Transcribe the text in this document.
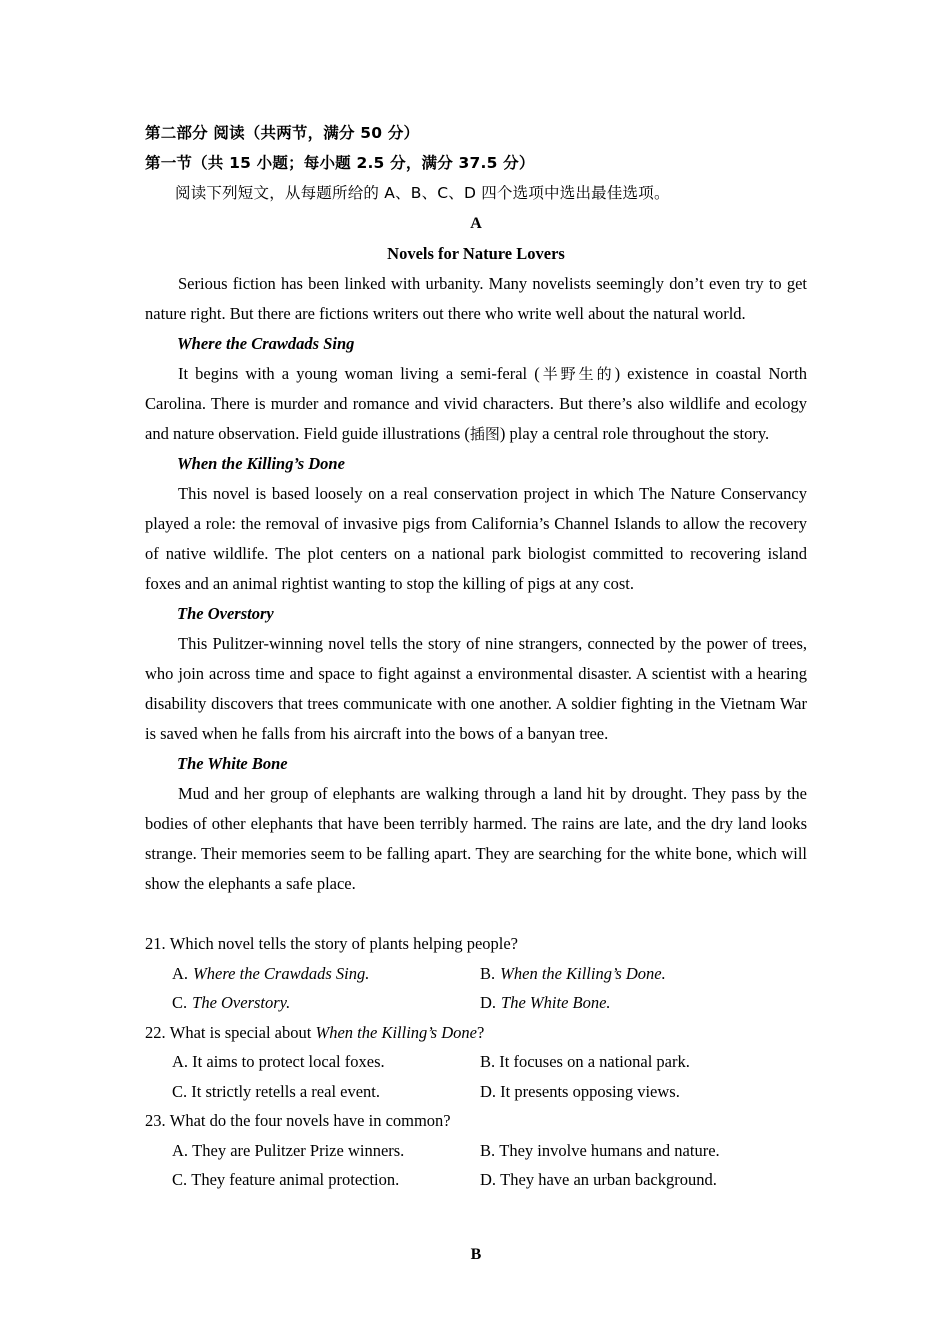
第二部分 阅读（共两节，满分 50 分）
第一节（共 15 小题；每小题 2.5 分，满分 37.5 分）
阅读下列短文，从每题所给的 A、B、C、D 四个选项中选出最佳选项。
A
Novels for Nature Lovers

Serious fiction has been linked with urbanity. Many novelists seemingly don’t even try to get nature right. But there are fictions writers out there who write well about the natural world.

Where the Crawdads Sing

It begins with a young woman living a semi-feral (半野生的) existence in coastal North Carolina. There is murder and romance and vivid characters. But there’s also wildlife and ecology and nature observation. Field guide illustrations (插图) play a central role throughout the story.

When the Killing’s Done

This novel is based loosely on a real conservation project in which The Nature Conservancy played a role: the removal of invasive pigs from California’s Channel Islands to allow the recovery of native wildlife. The plot centers on a national park biologist committed to recovering island foxes and an animal rightist wanting to stop the killing of pigs at any cost.

The Overstory

This Pulitzer-winning novel tells the story of nine strangers, connected by the power of trees, who join across time and space to fight against a environmental disaster. A scientist with a hearing disability discovers that trees communicate with one another. A soldier fighting in the Vietnam War is saved when he falls from his aircraft into the bows of a banyan tree.

The White Bone

Mud and her group of elephants are walking through a land hit by drought. They pass by the bodies of other elephants that have been terribly harmed. The rains are late, and the dry land looks strange. Their memories seem to be falling apart. They are searching for the white bone, which will show the elephants a safe place.

21. Which novel tells the story of plants helping people?

A. Where the Crawdads Sing.	B. When the Killing’s Done.
C. The Overstory.	D. The White Bone.

22. What is special about When the Killing’s Done?

A. It aims to protect local foxes.	B. It focuses on a national park.
C. It strictly retells a real event.	D. It presents opposing views.

23. What do the four novels have in common?

A. They are Pulitzer Prize winners.	B. They involve humans and nature.
C. They feature animal protection.	D. They have an urban background.
B
